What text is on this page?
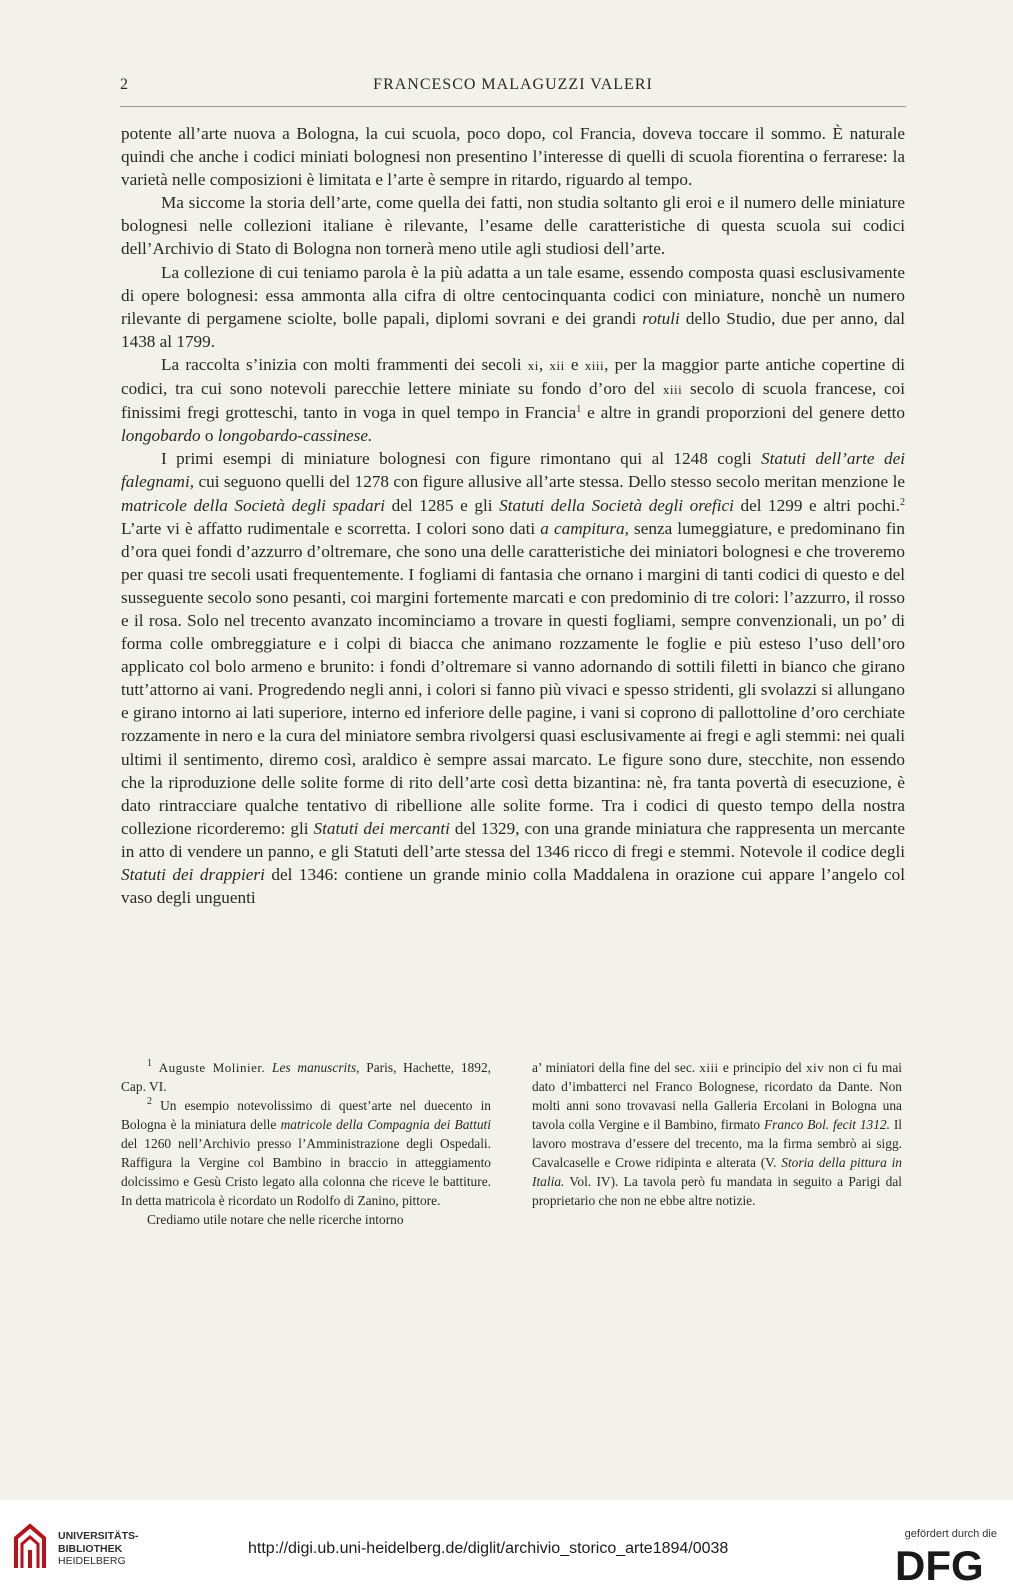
2	FRANCESCO MALAGUZZI VALERI

potente all’arte nuova a Bologna, la cui scuola, poco dopo, col Francia, doveva toccare il sommo. È naturale quindi che anche i codici miniati bolognesi non presentino l’interesse di quelli di scuola fiorentina o ferrarese: la varietà nelle composizioni è limitata e l’arte è sempre in ritardo, riguardo al tempo.

Ma siccome la storia dell’arte, come quella dei fatti, non studia soltanto gli eroi e il numero delle miniature bolognesi nelle collezioni italiane è rilevante, l’esame delle caratteristiche di questa scuola sui codici dell’Archivio di Stato di Bologna non tornerà meno utile agli studiosi dell’arte.

La collezione di cui teniamo parola è la più adatta a un tale esame, essendo composta quasi esclusivamente di opere bolognesi: essa ammonta alla cifra di oltre centocinquanta codici con miniature, nonchè un numero rilevante di pergamene sciolte, bolle papali, diplomi sovrani e dei grandi rotuli dello Studio, due per anno, dal 1438 al 1799.

La raccolta s’inizia con molti frammenti dei secoli xi, xii e xiii, per la maggior parte antiche copertine di codici, tra cui sono notevoli parecchie lettere miniate su fondo d’oro del xiii secolo di scuola francese, coi finissimi fregi grotteschi, tanto in voga in quel tempo in Francia$^1$ e altre in grandi proporzioni del genere detto longobardo o longobardo-cassinese.

I primi esempi di miniature bolognesi con figure rimontano qui al 1248 cogli Statuti dell’arte dei falegnami, cui seguono quelli del 1278 con figure allusive all’arte stessa. Dello stesso secolo meritan menzione le matricole della Società degli spadari del 1285 e gli Statuti della Società degli orefici del 1299 e altri pochi.$^2$ L’arte vi è affatto rudimentale e scorretta. I colori sono dati a campitura, senza lumeggiature, e predominano fin d’ora quei fondi d’azzurro d’oltremare, che sono una delle caratteristiche dei miniatori bolognesi e che troveremo per quasi tre secoli usati frequentemente. I fogliami di fantasia che ornano i margini di tanti codici di questo e del susseguente secolo sono pesanti, coi margini fortemente marcati e con predominio di tre colori: l’azzurro, il rosso e il rosa. Solo nel trecento avanzato incominciamo a trovare in questi fogliami, sempre convenzionali, un po’ di forma colle ombreggiature e i colpi di biacca che animano rozzamente le foglie e più esteso l’uso dell’oro applicato col bolo armeno e brunito: i fondi d’oltremare si vanno adornando di sottili filetti in bianco che girano tutt’attorno ai vani. Progredendo negli anni, i colori si fanno più vivaci e spesso stridenti, gli svolazzi si allungano e girano intorno ai lati superiore, interno ed inferiore delle pagine, i vani si coprono di pallottoline d’oro cerchiate rozzamente in nero e la cura del miniatore sembra rivolgersi quasi esclusivamente ai fregi e agli stemmi: nei quali ultimi il sentimento, diremo così, araldico è sempre assai marcato. Le figure sono dure, stecchite, non essendo che la riproduzione delle solite forme di rito dell’arte così detta bizantina: nè, fra tanta povertà di esecuzione, è dato rintracciare qualche tentativo di ribellione alle solite forme. Tra i codici di questo tempo della nostra collezione ricorderemo: gli Statuti dei mercanti del 1329, con una grande miniatura che rappresenta un mercante in atto di vendere un panno, e gli Statuti dell’arte stessa del 1346 ricco di fregi e stemmi. Notevole il codice degli Statuti dei drappieri del 1346: contiene un grande minio colla Maddalena in orazione cui appare l’angelo col vaso degli unguenti

$^1$ Auguste Molinier. Les manuscrits, Paris, Hachette, 1892, Cap. VI.

$^2$ Un esempio notevolissimo di quest’arte nel duecento in Bologna è la miniatura delle matricole della Compagnia dei Battuti del 1260 nell’Archivio presso l’Amministrazione degli Ospedali. Raffigura la Vergine col Bambino in braccio in atteggiamento dolcissimo e Gesù Cristo legato alla colonna che riceve le battiture. In detta matricola è ricordato un Rodolfo di Zanino, pittore.

Crediamo utile notare che nelle ricerche intorno

a’ miniatori della fine del sec. xiii e principio del xiv non ci fu mai dato d’imbatterci nel Franco Bolognese, ricordato da Dante. Non molti anni sono trovavasi nella Galleria Ercolani in Bologna una tavola colla Vergine e il Bambino, firmato Franco Bol. fecit 1312. Il lavoro mostrava d’essere del trecento, ma la firma sembrò ai sigg. Cavalcaselle e Crowe ridipinta e alterata (V. Storia della pittura in Italia. Vol. IV). La tavola però fu mandata in seguito a Parigi dal proprietario che non ne ebbe altre notizie.

UNIVERSITÄTS-
BIBLIOTHEK
HEIDELBERG
http://digi.ub.uni-heidelberg.de/diglit/archivio_storico_arte1894/0038
gefördert durch die
DFG
